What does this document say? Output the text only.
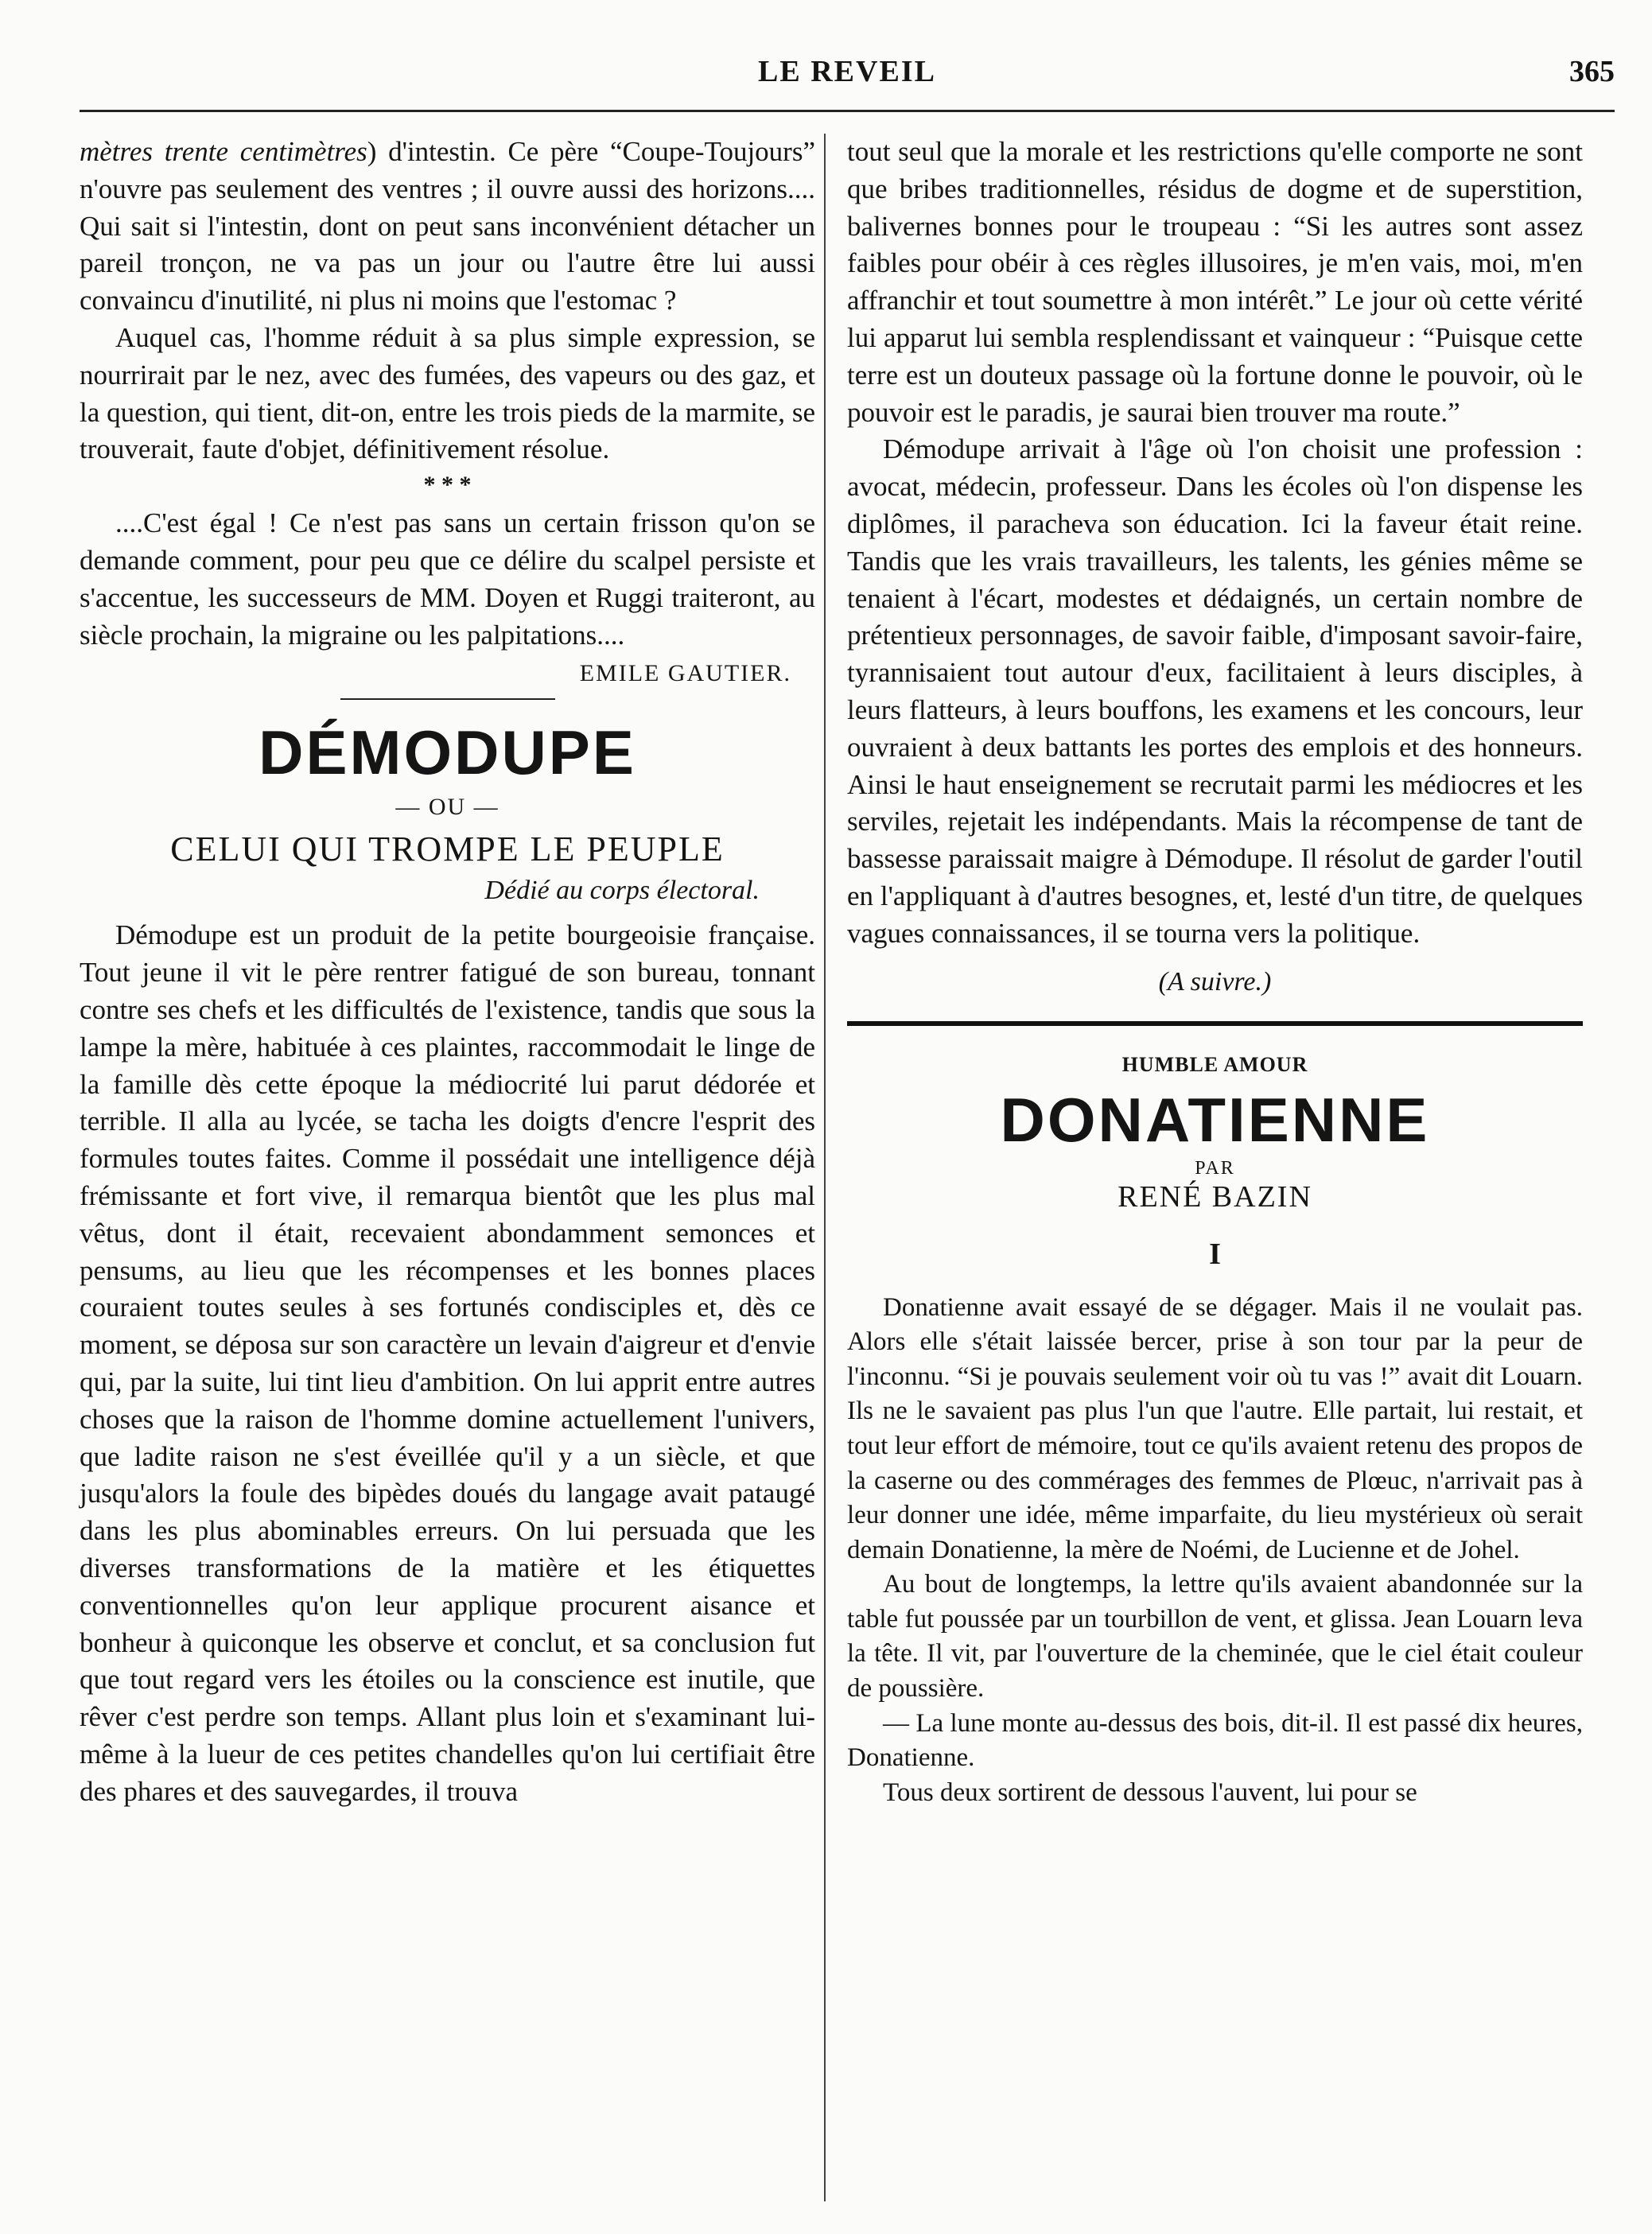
LE REVEIL	365

mètres trente centimètres) d'intestin. Ce père “Coupe-Toujours” n'ouvre pas seulement des ventres ; il ouvre aussi des horizons.... Qui sait si l'intestin, dont on peut sans inconvénient détacher un pareil tronçon, ne va pas un jour ou l'autre être lui aussi convaincu d'inutilité, ni plus ni moins que l'estomac ?

Auquel cas, l'homme réduit à sa plus simple expression, se nourrirait par le nez, avec des fumées, des vapeurs ou des gaz, et la question, qui tient, dit-on, entre les trois pieds de la marmite, se trouverait, faute d'objet, définitivement résolue.

* * *

....C'est égal ! Ce n'est pas sans un certain frisson qu'on se demande comment, pour peu que ce délire du scalpel persiste et s'accentue, les successeurs de MM. Doyen et Ruggi traiteront, au siècle prochain, la migraine ou les palpitations....

EMILE GAUTIER.
DÉMODUPE
— OU —
CELUI QUI TROMPE LE PEUPLE
Dédié au corps électoral.

Démodupe est un produit de la petite bourgeoisie française. Tout jeune il vit le père rentrer fatigué de son bureau, tonnant contre ses chefs et les difficultés de l'existence, tandis que sous la lampe la mère, habituée à ces plaintes, raccommodait le linge de la famille dès cette époque la médiocrité lui parut dédorée et terrible. Il alla au lycée, se tacha les doigts d'encre l'esprit des formules toutes faites. Comme il possédait une intelligence déjà frémissante et fort vive, il remarqua bientôt que les plus mal vêtus, dont il était, recevaient abondamment semonces et pensums, au lieu que les récompenses et les bonnes places couraient toutes seules à ses fortunés condisciples et, dès ce moment, se déposa sur son caractère un levain d'aigreur et d'envie qui, par la suite, lui tint lieu d'ambition. On lui apprit entre autres choses que la raison de l'homme domine actuellement l'univers, que ladite raison ne s'est éveillée qu'il y a un siècle, et que jusqu'alors la foule des bipèdes doués du langage avait pataugé dans les plus abominables erreurs. On lui persuada que les diverses transformations de la matière et les étiquettes conventionnelles qu'on leur applique procurent aisance et bonheur à quiconque les observe et conclut, et sa conclusion fut que tout regard vers les étoiles ou la conscience est inutile, que rêver c'est perdre son temps. Allant plus loin et s'examinant lui-même à la lueur de ces petites chandelles qu'on lui certifiait être des phares et des sauvegardes, il trouva

tout seul que la morale et les restrictions qu'elle comporte ne sont que bribes traditionnelles, résidus de dogme et de superstition, balivernes bonnes pour le troupeau : “Si les autres sont assez faibles pour obéir à ces règles illusoires, je m'en vais, moi, m'en affranchir et tout soumettre à mon intérêt.” Le jour où cette vérité lui apparut lui sembla resplendissant et vainqueur : “Puisque cette terre est un douteux passage où la fortune donne le pouvoir, où le pouvoir est le paradis, je saurai bien trouver ma route.”

Démodupe arrivait à l'âge où l'on choisit une profession : avocat, médecin, professeur. Dans les écoles où l'on dispense les diplômes, il paracheva son éducation. Ici la faveur était reine. Tandis que les vrais travailleurs, les talents, les génies même se tenaient à l'écart, modestes et dédaignés, un certain nombre de prétentieux personnages, de savoir faible, d'imposant savoir-faire, tyrannisaient tout autour d'eux, facilitaient à leurs disciples, à leurs flatteurs, à leurs bouffons, les examens et les concours, leur ouvraient à deux battants les portes des emplois et des honneurs. Ainsi le haut enseignement se recrutait parmi les médiocres et les serviles, rejetait les indépendants. Mais la récompense de tant de bassesse paraissait maigre à Démodupe. Il résolut de garder l'outil en l'appliquant à d'autres besognes, et, lesté d'un titre, de quelques vagues connaissances, il se tourna vers la politique.

(A suivre.)
HUMBLE AMOUR
DONATIENNE
PAR
RENÉ BAZIN
I

Donatienne avait essayé de se dégager. Mais il ne voulait pas. Alors elle s'était laissée bercer, prise à son tour par la peur de l'inconnu. “Si je pouvais seulement voir où tu vas !” avait dit Louarn. Ils ne le savaient pas plus l'un que l'autre. Elle partait, lui restait, et tout leur effort de mémoire, tout ce qu'ils avaient retenu des propos de la caserne ou des commérages des femmes de Plœuc, n'arrivait pas à leur donner une idée, même imparfaite, du lieu mystérieux où serait demain Donatienne, la mère de Noémi, de Lucienne et de Johel.

Au bout de longtemps, la lettre qu'ils avaient abandonnée sur la table fut poussée par un tourbillon de vent, et glissa. Jean Louarn leva la tête. Il vit, par l'ouverture de la cheminée, que le ciel était couleur de poussière.

— La lune monte au-dessus des bois, dit-il. Il est passé dix heures, Donatienne.

Tous deux sortirent de dessous l'auvent, lui pour se
